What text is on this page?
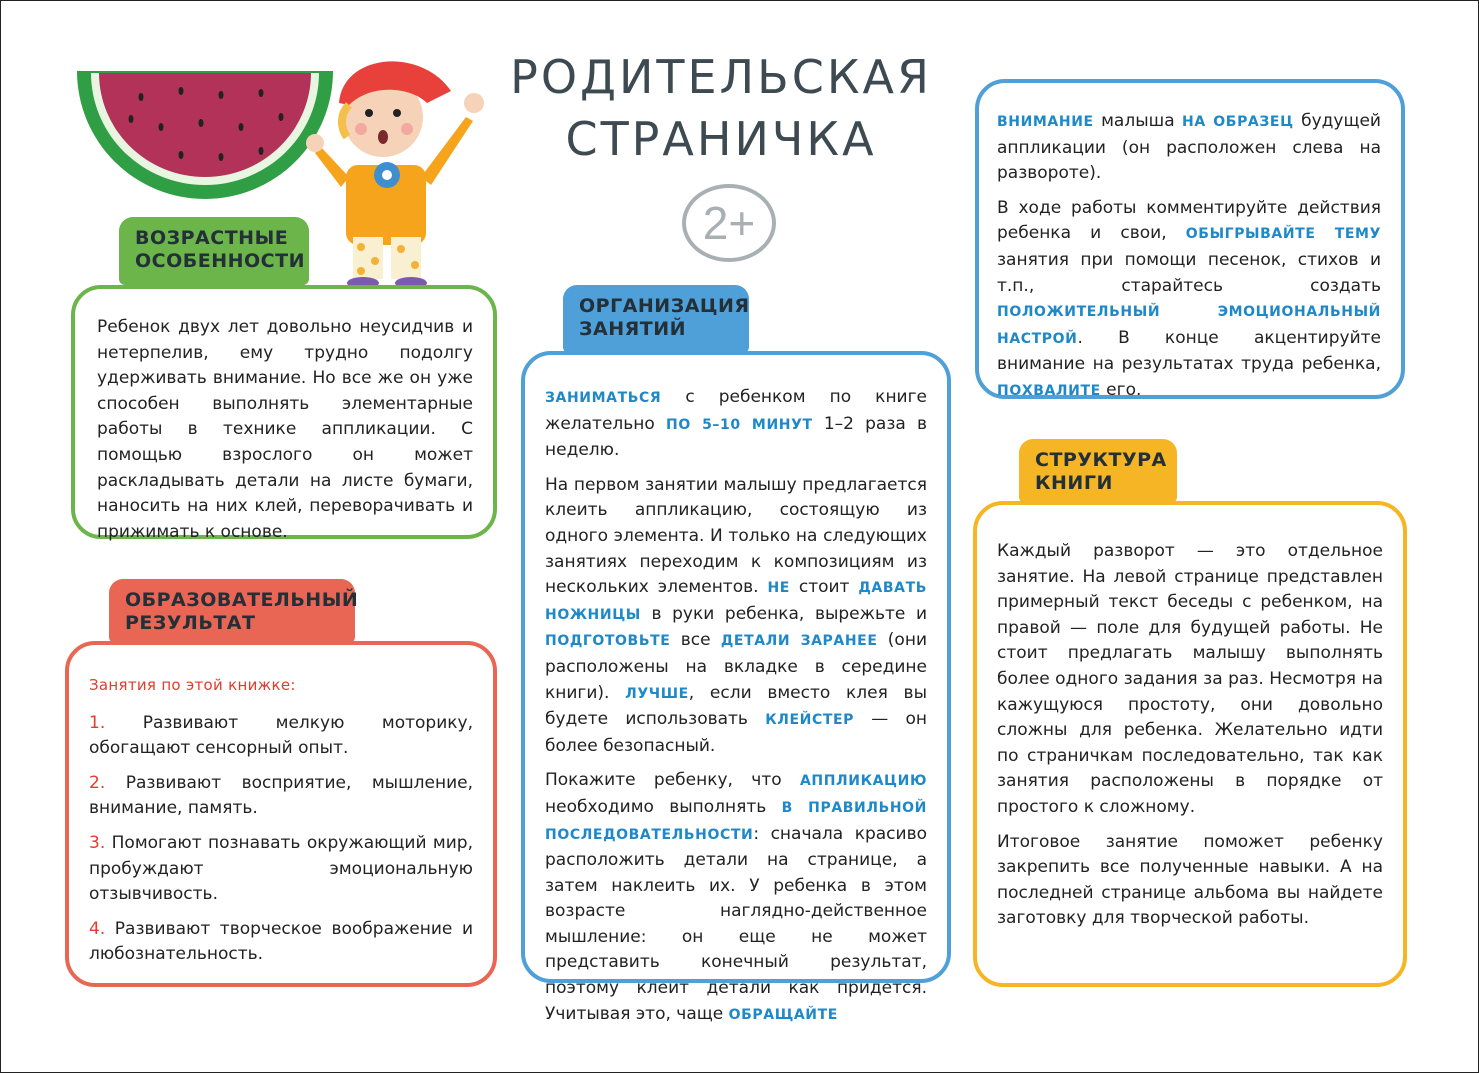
РОДИТЕЛЬСКАЯ
СТРАНИЧКА
2+

Ребенок двух лет довольно неусидчив и нетерпелив, ему трудно подолгу удерживать внимание. Но все же он уже способен выполнять элементарные работы в технике аппликации. С помощью взрослого он может раскладывать детали на листе бумаги, наносить на них клей, переворачивать и прижимать к основе.

ВОЗРАСТНЫЕ ОСОБЕННОСТИ

Занятия по этой книжке:

1. Развивают мелкую моторику, обогащают сенсорный опыт.

2. Развивают восприятие, мышление, внимание, память.

3. Помогают познавать окружающий мир, пробуждают эмоциональную отзывчивость.

4. Развивают творческое воображение и любознательность.

ОБРАЗОВАТЕЛЬНЫЙ РЕЗУЛЬТАТ

ЗАНИМАТЬСЯ с ребенком по книге желательно ПО 5–10 МИНУТ 1–2 раза в неделю.

На первом занятии малышу предлагается клеить аппликацию, состоящую из одного элемента. И только на следующих занятиях переходим к композициям из нескольких элементов. НЕ стоит ДАВАТЬ НОЖНИЦЫ в руки ребенка, вырежьте и ПОДГОТОВЬТЕ все ДЕТАЛИ ЗАРАНЕЕ (они расположены на вкладке в середине книги). ЛУЧШЕ, если вместо клея вы будете использовать КЛЕЙСТЕР — он более безопасный.

Покажите ребенку, что АППЛИКАЦИЮ необходимо выполнять В ПРАВИЛЬНОЙ ПОСЛЕДОВАТЕЛЬНОСТИ: сначала красиво расположить детали на странице, а затем наклеить их. У ребенка в этом возрасте наглядно-действенное мышление: он еще не может представить конечный результат, поэтому клеит детали как придется. Учитывая это, чаще ОБРАЩАЙТЕ

ОРГАНИЗАЦИЯ ЗАНЯТИЙ

ВНИМАНИЕ малыша НА ОБРАЗЕЦ будущей аппликации (он расположен слева на развороте).

В ходе работы комментируйте действия ребенка и свои, ОБЫГРЫВАЙТЕ ТЕМУ занятия при помощи песенок, стихов и т.п., старайтесь создать ПОЛОЖИТЕЛЬНЫЙ ЭМОЦИОНАЛЬНЫЙ НАСТРОЙ. В конце акцентируйте внимание на результатах труда ребенка, ПОХВАЛИТЕ его.

Каждый разворот — это отдельное занятие. На левой странице представлен примерный текст беседы с ребенком, на правой — поле для будущей работы. Не стоит предлагать малышу выполнять более одного задания за раз. Несмотря на кажущуюся простоту, они довольно сложны для ребенка. Желательно идти по страничкам последовательно, так как занятия расположены в порядке от простого к сложному.

Итоговое занятие поможет ребенку закрепить все полученные навыки. А на последней странице альбома вы найдете заготовку для творческой работы.

СТРУКТУРА КНИГИ
